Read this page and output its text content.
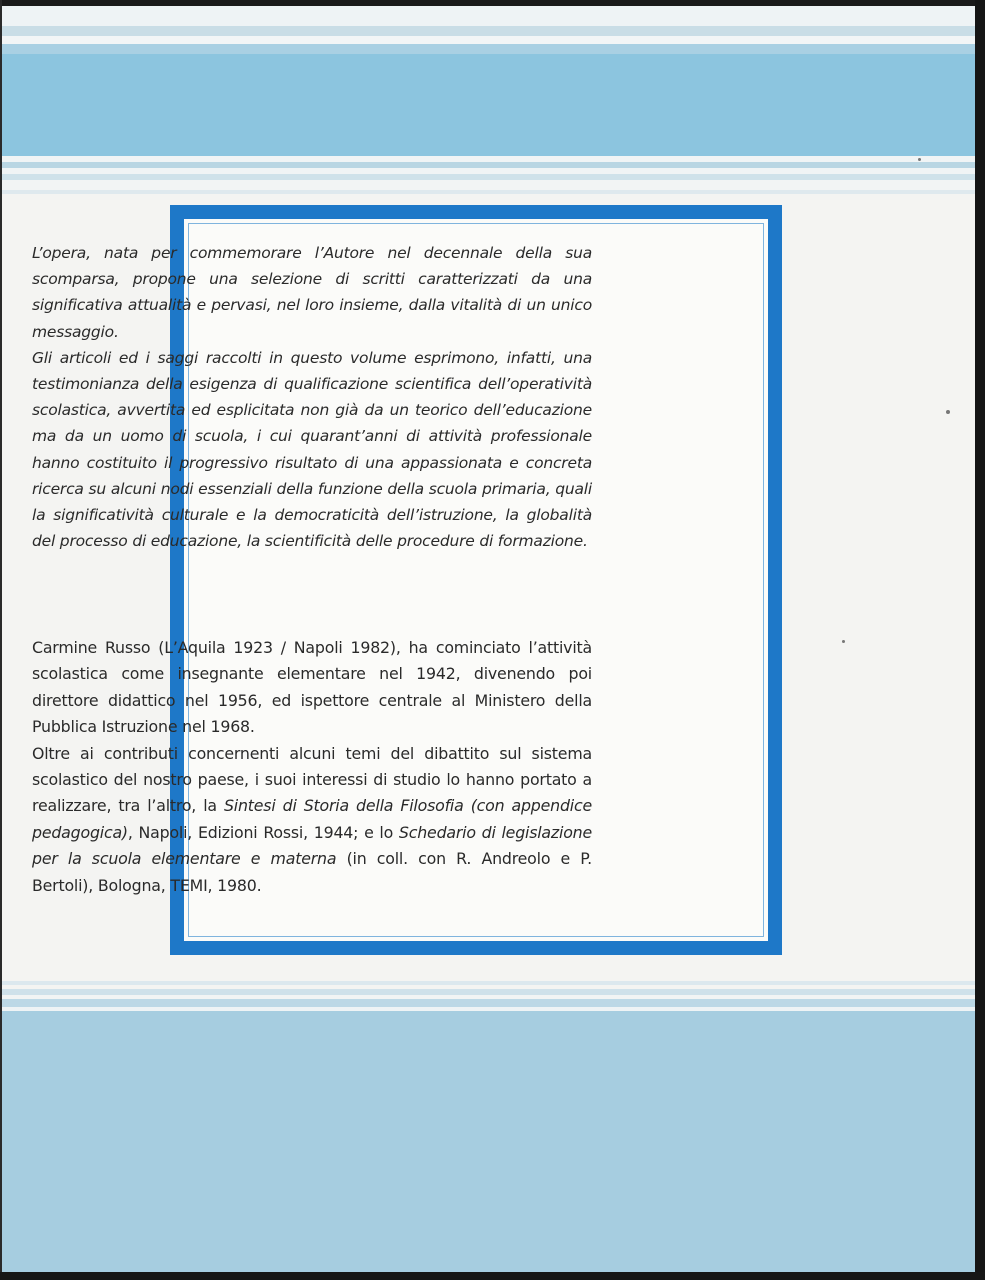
L’opera, nata per commemorare l’Autore nel decennale della sua scomparsa, propone una selezione di scritti caratterizzati da una significativa attualità e pervasi, nel loro insieme, dalla vitalità di un unico messaggio.
Gli articoli ed i saggi raccolti in questo volume esprimono, infatti, una testimonianza della esigenza di qualificazione scientifica dell’operatività scolastica, avvertita ed esplicitata non già da un teorico dell’educazione ma da un uomo di scuola, i cui quarant’anni di attività professionale hanno costituito il progressivo risultato di una appassionata e concreta ricerca su alcuni nodi essenziali della funzione della scuola primaria, quali la significatività culturale e la democraticità dell’istruzione, la globalità del processo di educazione, la scientificità delle procedure di formazione.
Carmine Russo (L’Aquila 1923 / Napoli 1982), ha cominciato l’attività scolastica come insegnante elementare nel 1942, divenendo poi direttore didattico nel 1956, ed ispettore centrale al Ministero della Pubblica Istruzione nel 1968.
Oltre ai contributi concernenti alcuni temi del dibattito sul sistema scolastico del nostro paese, i suoi interessi di studio lo hanno portato a realizzare, tra l’altro, la Sintesi di Storia della Filosofia (con appendice pedagogica), Napoli, Edizioni Rossi, 1944; e lo Schedario di legislazione per la scuola elementare e materna (in coll. con R. Andreolo e P. Bertoli), Bologna, TEMI, 1980.
